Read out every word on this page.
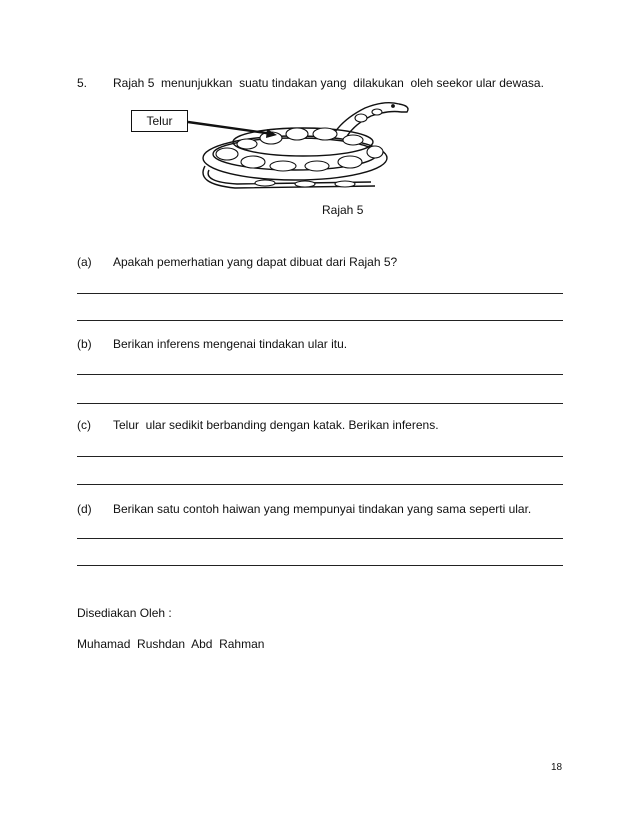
5. Rajah 5  menunjukkan  suatu tindakan yang  dilakukan  oleh seekor ular dewasa.
Telur
Rajah 5
(a) Apakah pemerhatian yang dapat dibuat dari Rajah 5?
(b) Berikan inferens mengenai tindakan ular itu.
(c) Telur  ular sedikit berbanding dengan katak. Berikan inferens.
(d) Berikan satu contoh haiwan yang mempunyai tindakan yang sama seperti ular.
Disediakan Oleh :
Muhamad  Rushdan  Abd  Rahman
18
